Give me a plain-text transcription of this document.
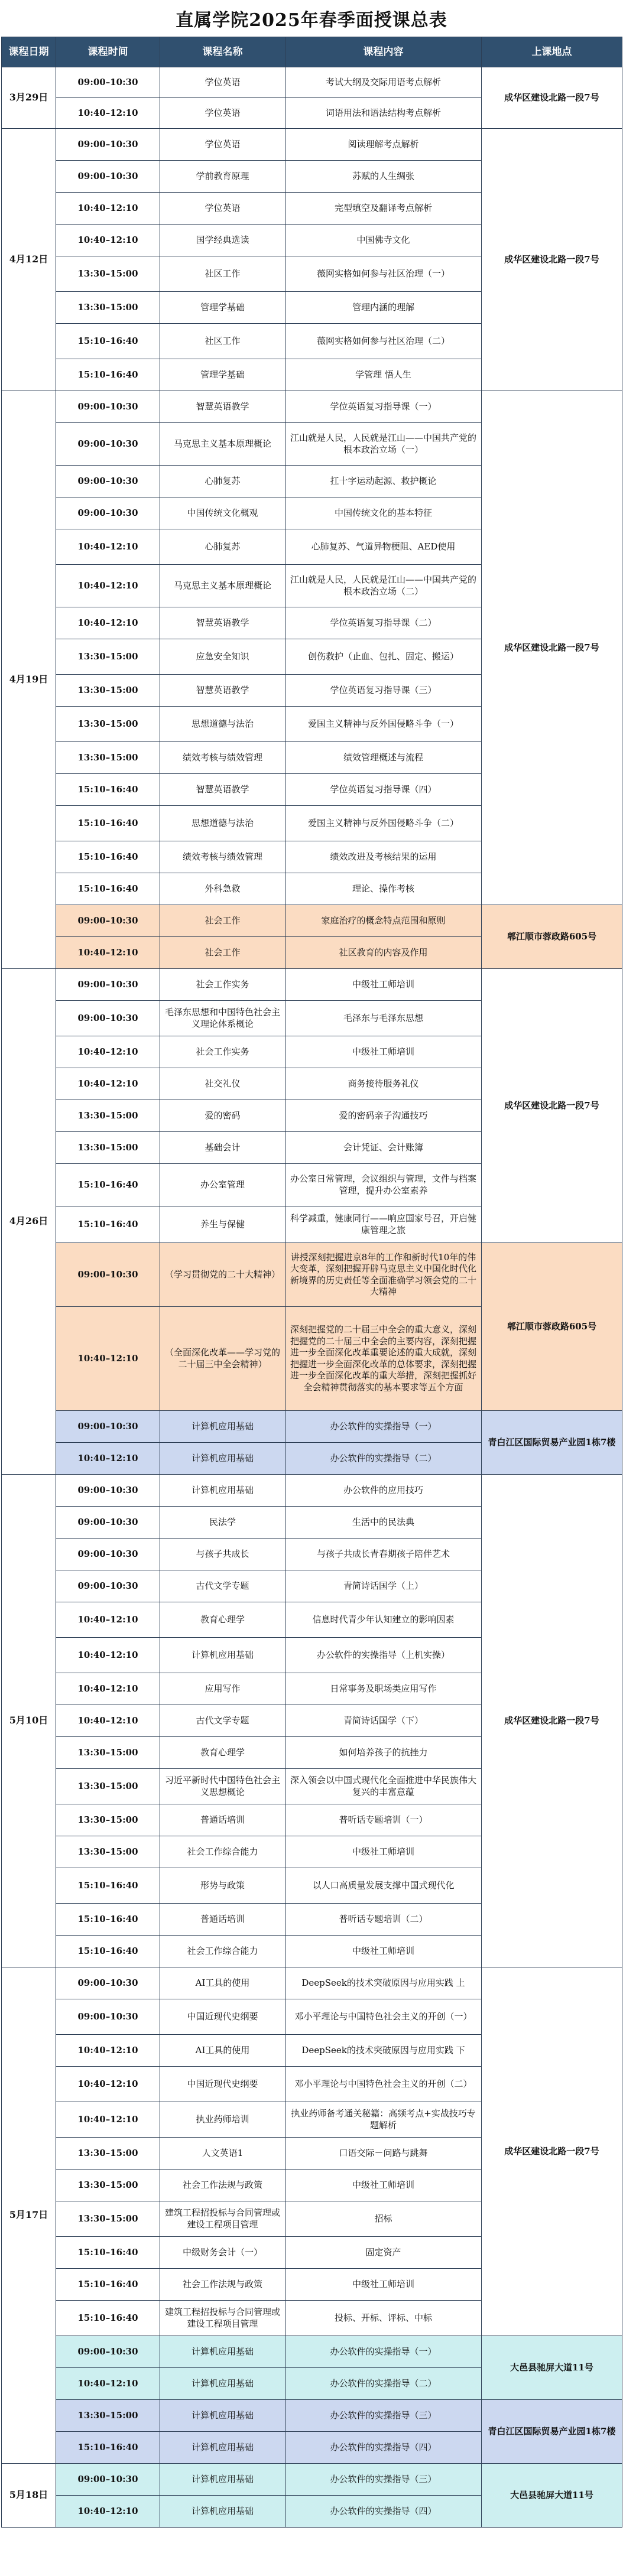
直属学院2025年春季面授课总表
课程日期	课程时间	课程名称	课程内容	上课地点
3月29日	09:00–10:30	学位英语	考试大纲及交际用语考点解析	成华区建设北路一段7号
	10:40–12:10	学位英语	词语用法和语法结构考点解析	
4月12日	09:00–10:30	学位英语	阅读理解考点解析	成华区建设北路一段7号
	09:00–10:30	学前教育原理	苏赋的人生绸张	
	10:40–12:10	学位英语	完型填空及翻译考点解析	
	10:40–12:10	国学经典选读	中国佛寺文化	
	13:30–15:00	社区工作	薇网实格如何参与社区治理（一）	
	13:30–15:00	管理学基础	管理内涵的理解	
	15:10–16:40	社区工作	薇网实格如何参与社区治理（二）	
	15:10–16:40	管理学基础	学管理 悟人生	
4月19日	09:00–10:30	智慧英语教学	学位英语复习指导课（一）	成华区建设北路一段7号
	09:00–10:30	马克思主义基本原理概论	江山就是人民，人民就是江山——中国共产党的根本政治立场（一）	
	09:00–10:30	心肺复苏	扛十字运动起源、救护概论	
	09:00–10:30	中国传统文化概观	中国传统文化的基本特征	
	10:40–12:10	心肺复苏	心肺复苏、气道异物梗阻、AED使用	
	10:40–12:10	马克思主义基本原理概论	江山就是人民，人民就是江山——中国共产党的根本政治立场（二）	
	10:40–12:10	智慧英语教学	学位英语复习指导课（二）	
	13:30–15:00	应急安全知识	创伤救护（止血、包扎、固定、搬运）	
	13:30–15:00	智慧英语教学	学位英语复习指导课（三）	
	13:30–15:00	思想道德与法治	爱国主义精神与反外国侵略斗争（一）	
	13:30–15:00	绩效考核与绩效管理	绩效管理概述与流程	
	15:10–16:40	智慧英语教学	学位英语复习指导课（四）	
	15:10–16:40	思想道德与法治	爱国主义精神与反外国侵略斗争（二）	
	15:10–16:40	绩效考核与绩效管理	绩效改进及考核结果的运用	
	15:10–16:40	外科急救	理论、操作考核	
	09:00–10:30	社会工作	家庭治疗的概念特点范围和原则	郫江顺市蓉政路605号
	10:40–12:10	社会工作	社区教育的内容及作用	
4月26日	09:00–10:30	社会工作实务	中级社工师培训	成华区建设北路一段7号
	09:00–10:30	毛泽东思想和中国特色社会主义理论体系概论	毛泽东与毛泽东思想	
	10:40–12:10	社会工作实务	中级社工师培训	
	10:40–12:10	社交礼仪	商务接待服务礼仪	
	13:30–15:00	爱的密码	爱的密码亲子沟通技巧	
	13:30–15:00	基础会计	会计凭证、会计账簿	
	15:10–16:40	办公室管理	办公室日常管理，会议组织与管理，文件与档案管理，提升办公室素养	
	15:10–16:40	养生与保健	科学减重，健康同行——响应国家号召，开启健康管理之旅	
	09:00–10:30	（学习贯彻党的二十大精神）	讲授深刻把握进京8年的工作和新时代10年的伟大变革，深刻把握开辟马克思主义中国化时代化新境界的历史责任等全面准确学习领会党的二十大精神	郫江顺市蓉政路605号
	10:40–12:10	（全面深化改革——学习党的二十届三中全会精神）	深刻把握党的二十届三中全会的重大意义，深刻把握党的二十届三中全会的主要内容，深刻把握进一步全面深化改革重要论述的重大成就，深刻把握进一步全面深化改革的总体要求，深刻把握进一步全面深化改革的重大举措，深刻把握抓好全会精神贯彻落实的基本要求等五个方面	
	09:00–10:30	计算机应用基础	办公软件的实操指导（一）	青白江区国际贸易产业园1栋7楼
	10:40–12:10	计算机应用基础	办公软件的实操指导（二）	
5月10日	09:00–10:30	计算机应用基础	办公软件的应用技巧	成华区建设北路一段7号
	09:00–10:30	民法学	生活中的民法典	
	09:00–10:30	与孩子共成长	与孩子共成长青春期孩子陪伴艺术	
	09:00–10:30	古代文学专题	青简诗话国学（上）	
	10:40–12:10	教育心理学	信息时代青少年认知建立的影响因素	
	10:40–12:10	计算机应用基础	办公软件的实操指导（上机实操）	
	10:40–12:10	应用写作	日常事务及职场类应用写作	
	10:40–12:10	古代文学专题	青简诗话国学（下）	
	13:30–15:00	教育心理学	如何培养孩子的抗挫力	
	13:30–15:00	习近平新时代中国特色社会主义思想概论	深入领会以中国式现代化全面推进中华民族伟大复兴的丰富意蕴	
	13:30–15:00	普通话培训	普听话专题培训（一）	
	13:30–15:00	社会工作综合能力	中级社工师培训	
	15:10–16:40	形势与政策	以人口高质量发展支撑中国式现代化	
	15:10–16:40	普通话培训	普听话专题培训（二）	
	15:10–16:40	社会工作综合能力	中级社工师培训	
5月17日	09:00–10:30	AI工具的使用	DeepSeek的技术突破原因与应用实践 上	成华区建设北路一段7号
	09:00–10:30	中国近现代史纲要	邓小平理论与中国特色社会主义的开创（一）	
	10:40–12:10	AI工具的使用	DeepSeek的技术突破原因与应用实践 下	
	10:40–12:10	中国近现代史纲要	邓小平理论与中国特色社会主义的开创（二）	
	10:40–12:10	执业药师培训	执业药师备考通关秘籍：高频考点+实战技巧专题解析	
	13:30–15:00	人文英语1	口语交际－问路与跳舞	
	13:30–15:00	社会工作法规与政策	中级社工师培训	
	13:30–15:00	建筑工程招投标与合同管理或建设工程项目管理	招标	
	15:10–16:40	中级财务会计（一）	固定资产	
	15:10–16:40	社会工作法规与政策	中级社工师培训	
	15:10–16:40	建筑工程招投标与合同管理或建设工程项目管理	投标、开标、评标、中标	
	09:00–10:30	计算机应用基础	办公软件的实操指导（一）	大邑县驰屏大道11号
	10:40–12:10	计算机应用基础	办公软件的实操指导（二）	
	13:30–15:00	计算机应用基础	办公软件的实操指导（三）	青白江区国际贸易产业园1栋7楼
	15:10–16:40	计算机应用基础	办公软件的实操指导（四）	
5月18日	09:00–10:30	计算机应用基础	办公软件的实操指导（三）	大邑县驰屏大道11号
	10:40–12:10	计算机应用基础	办公软件的实操指导（四）	
